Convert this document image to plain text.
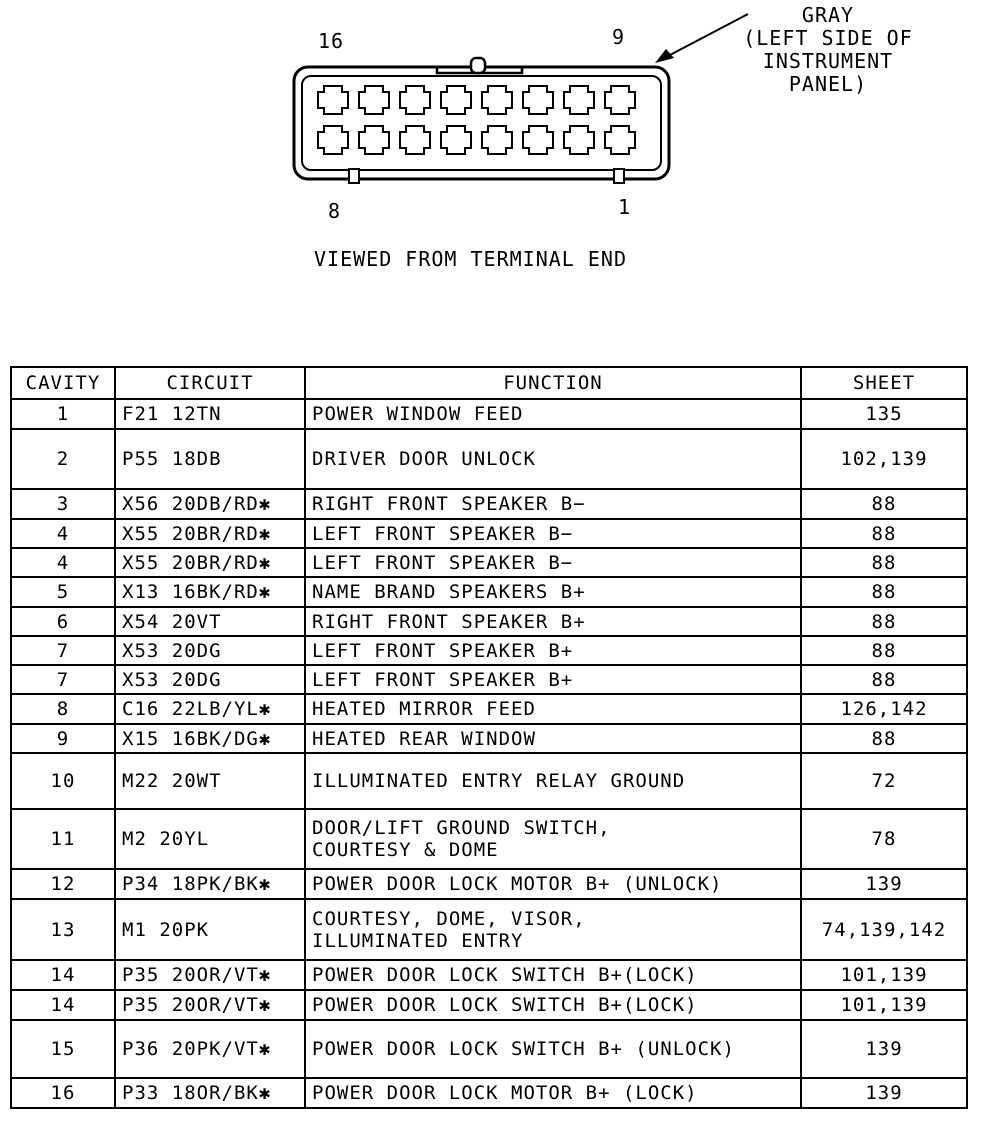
16	9
8	1
GRAY
(LEFT SIDE OF
INSTRUMENT
PANEL)
VIEWED FROM TERMINAL END
CAVITY	CIRCUIT	FUNCTION	SHEET
1	F21 12TN	POWER WINDOW FEED	135
2	P55 18DB	DRIVER DOOR UNLOCK	102,139
3	X56 20DB/RD✱	RIGHT FRONT SPEAKER B−	88
4	X55 20BR/RD✱	LEFT FRONT SPEAKER B−	88
4	X55 20BR/RD✱	LEFT FRONT SPEAKER B−	88
5	X13 16BK/RD✱	NAME BRAND SPEAKERS B+	88
6	X54 20VT	RIGHT FRONT SPEAKER B+	88
7	X53 20DG	LEFT FRONT SPEAKER B+	88
7	X53 20DG	LEFT FRONT SPEAKER B+	88
8	C16 22LB/YL✱	HEATED MIRROR FEED	126,142
9	X15 16BK/DG✱	HEATED REAR WINDOW	88
10	M22 20WT	ILLUMINATED ENTRY RELAY GROUND	72
11	M2 20YL	DOOR/LIFT GROUND SWITCH,
COURTESY & DOME	78
12	P34 18PK/BK✱	POWER DOOR LOCK MOTOR B+ (UNLOCK)	139
13	M1 20PK	COURTESY, DOME, VISOR,
ILLUMINATED ENTRY	74,139,142
14	P35 20OR/VT✱	POWER DOOR LOCK SWITCH B+(LOCK)	101,139
14	P35 20OR/VT✱	POWER DOOR LOCK SWITCH B+(LOCK)	101,139
15	P36 20PK/VT✱	POWER DOOR LOCK SWITCH B+ (UNLOCK)	139
16	P33 18OR/BK✱	POWER DOOR LOCK MOTOR B+ (LOCK)	139
